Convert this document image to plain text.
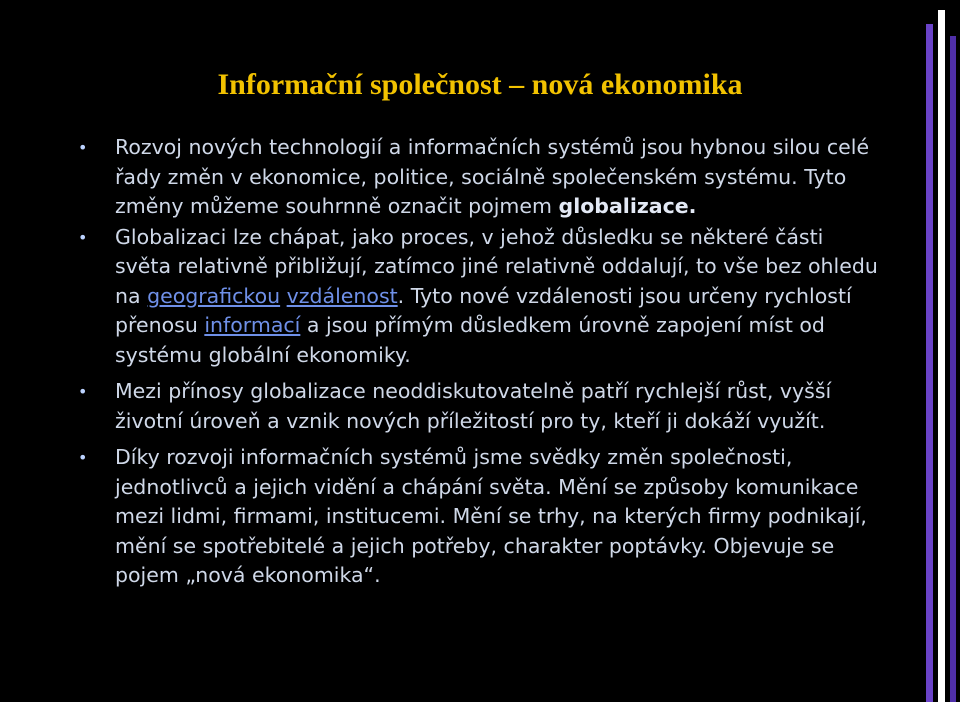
Informační společnost – nová ekonomika

•	Rozvoj nových technologií a informačních systémů jsou hybnou silou celé řady změn v ekonomice, politice, sociálně společenském systému. Tyto změny můžeme souhrnně označit pojmem globalizace.

•	Globalizaci lze chápat, jako proces, v jehož důsledku se některé části světa relativně přibližují, zatímco jiné relativně oddalují, to vše bez ohledu na geografickou vzdálenost. Tyto nové vzdálenosti jsou určeny rychlostí přenosu informací a jsou přímým důsledkem úrovně zapojení míst od systému globální ekonomiky.

•	Mezi přínosy globalizace neoddiskutovatelně patří rychlejší růst, vyšší životní úroveň a vznik nových příležitostí pro ty, kteří ji dokáží využít.

•	Díky rozvoji informačních systémů jsme svědky změn společnosti, jednotlivců a jejich vidění a chápání světa. Mění se způsoby komunikace mezi lidmi, firmami, institucemi. Mění se trhy, na kterých firmy podnikají, mění se spotřebitelé a jejich potřeby, charakter poptávky. Objevuje se pojem „nová ekonomika“.
